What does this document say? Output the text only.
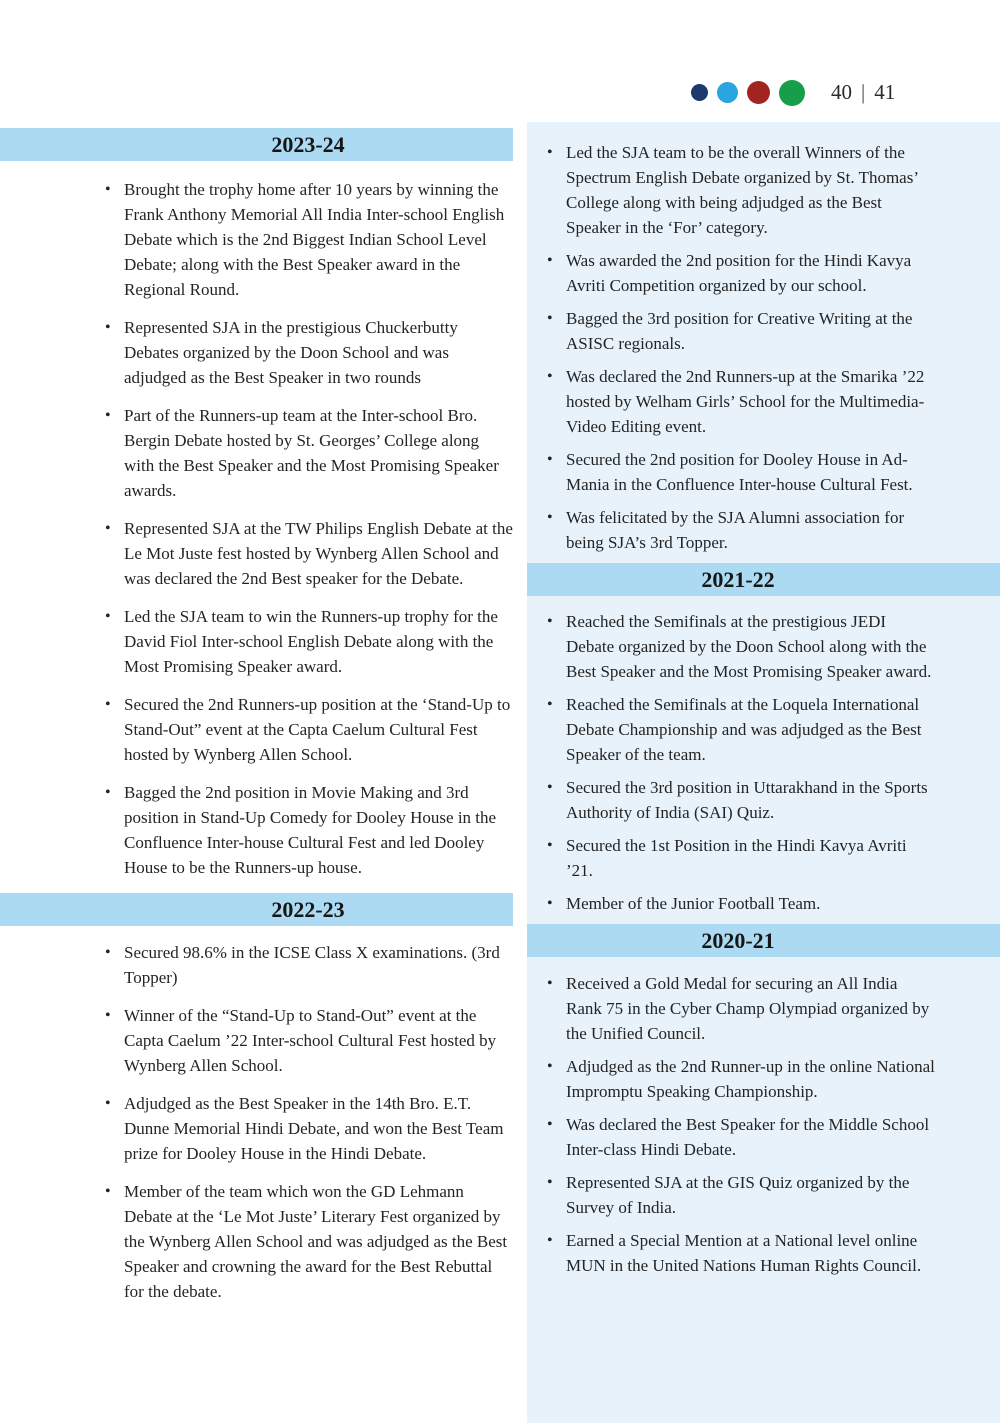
40 | 41
2023-24
• Brought the trophy home after 10 years by winning the Frank Anthony Memorial All India Inter-school English Debate which is the 2nd Biggest Indian School Level Debate; along with the Best Speaker award in the Regional Round.
• Represented SJA in the prestigious Chuckerbutty Debates organized by the Doon School and was adjudged as the Best Speaker in two rounds
• Part of the Runners-up team at the Inter-school Bro. Bergin Debate hosted by St. Georges’ College along with the Best Speaker and the Most Promising Speaker awards.
• Represented SJA at the TW Philips English Debate at the Le Mot Juste fest hosted by Wynberg Allen School and was declared the 2nd Best speaker for the Debate.
• Led the SJA team to win the Runners-up trophy for the David Fiol Inter-school English Debate along with the Most Promising Speaker award.
• Secured the 2nd Runners-up position at the ‘Stand-Up to Stand-Out” event at the Capta Caelum Cultural Fest hosted by Wynberg Allen School.
• Bagged the 2nd position in Movie Making and 3rd position in Stand-Up Comedy for Dooley House in the Confluence Inter-house Cultural Fest and led Dooley House to be the Runners-up house.
2022-23
• Secured 98.6% in the ICSE Class X examinations. (3rd Topper)
• Winner of the “Stand-Up to Stand-Out” event at the Capta Caelum ’22 Inter-school Cultural Fest hosted by Wynberg Allen School.
• Adjudged as the Best Speaker in the 14th Bro. E.T. Dunne Memorial Hindi Debate, and won the Best Team prize for Dooley House in the Hindi Debate.
• Member of the team which won the GD Lehmann Debate at the ‘Le Mot Juste’ Literary Fest organized by the Wynberg Allen School and was adjudged as the Best Speaker and crowning the award for the Best Rebuttal for the debate.
• Led the SJA team to be the overall Winners of the Spectrum English Debate organized by St. Thomas’ College along with being adjudged as the Best Speaker in the ‘For’ category.
• Was awarded the 2nd position for the Hindi Kavya Avriti Competition organized by our school.
• Bagged the 3rd position for Creative Writing at the ASISC regionals.
• Was declared the 2nd Runners-up at the Smarika ’22 hosted by Welham Girls’ School for the Multimedia- Video Editing event.
• Secured the 2nd position for Dooley House in Ad-Mania in the Confluence Inter-house Cultural Fest.
• Was felicitated by the SJA Alumni association for being SJA’s 3rd Topper.
2021-22
• Reached the Semifinals at the prestigious JEDI Debate organized by the Doon School along with the Best Speaker and the Most Promising Speaker award.
• Reached the Semifinals at the Loquela International Debate Championship and was adjudged as the Best Speaker of the team.
• Secured the 3rd position in Uttarakhand in the Sports Authority of India (SAI) Quiz.
• Secured the 1st Position in the Hindi Kavya Avriti ’21.
• Member of the Junior Football Team.
2020-21
• Received a Gold Medal for securing an All India Rank 75 in the Cyber Champ Olympiad organized by the Unified Council.
• Adjudged as the 2nd Runner-up in the online National Impromptu Speaking Championship.
• Was declared the Best Speaker for the Middle School Inter-class Hindi Debate.
• Represented SJA at the GIS Quiz organized by the Survey of India.
• Earned a Special Mention at a National level online MUN in the United Nations Human Rights Council.
